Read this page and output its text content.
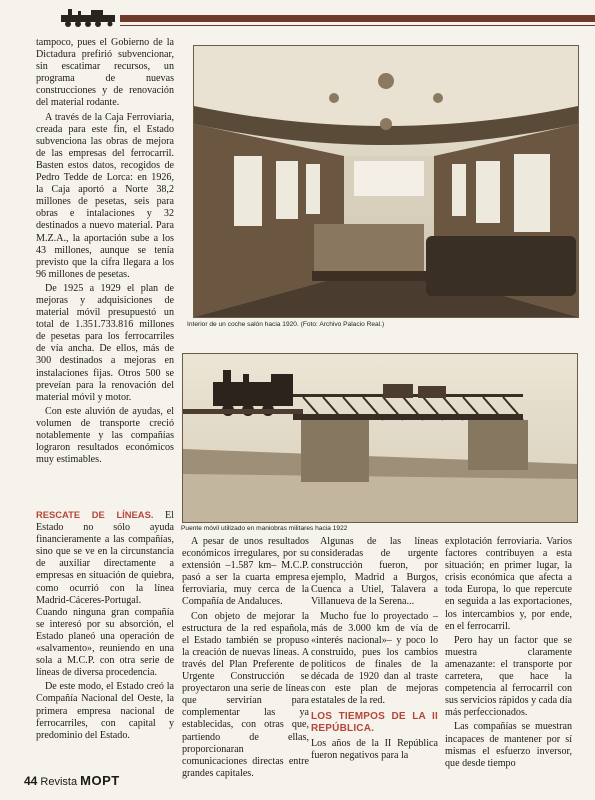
tampoco, pues el Gobierno de la Dictadura prefirió subvencionar, sin escatimar recursos, un programa de nuevas construcciones y de renovación del material rodante.

A través de la Caja Ferroviaria, creada para este fin, el Estado subvenciona las obras de mejora de las empresas del ferrocarril. Basten estos datos, recogidos de Pedro Tedde de Lorca: en 1926, la Caja aportó a Norte 38,2 millones de pesetas, seis para obras e intalaciones y 32 destinados a nuevo material. Para M.Z.A., la aportación sube a los 43 millones, aunque se tenía previsto que la cifra llegara a los 96 millones de pesetas.

De 1925 a 1929 el plan de mejoras y adquisiciones de material móvil presupuestó un total de 1.351.733.816 millones de pesetas para los ferrocarriles de vía ancha. De ellos, más de 300 destinados a mejoras en instalaciones fijas. Otros 500 se preveían para la renovación del material móvil y motor.

Con este aluvión de ayudas, el volumen de transporte creció notablemente y las compañías lograron resultados económicos muy estimables.

RESCATE DE LÍNEAS. El Estado no sólo ayuda financieramente a las compañías, sino que se ve en la circunstancia de auxiliar directamente a empresas en situación de quiebra, como ocurrió con la línea Madrid-Cáceres-Portugal. Cuando ninguna gran compañía se interesó por su absorción, el Estado planeó una operación de «salvamento», reuniendo en una sola a M.C.P. con otra serie de líneas de diversa procedencia.

De este modo, el Estado creó la Compañía Nacional del Oeste, la primera empresa nacional de ferrocarriles, con capital y predominio del Estado.

Interior de un coche salón hacia 1920. (Foto: Archivo Palacio Real.)
Puente móvil utilizado en maniobras militares hacia 1922

A pesar de unos resultados económicos irregulares, por su extensión –1.587 km– M.C.P. pasó a ser la cuarta empresa ferroviaria, muy cerca de la Compañía de Andaluces.

Con objeto de mejorar la estructura de la red española, el Estado también se propuso la creación de nuevas líneas. A través del Plan Preferente de Urgente Construcción se proyectaron una serie de líneas que servirían para complementar las ya establecidas, con otras que, partiendo de ellas, proporcionaran comunicaciones directas entre grandes capitales.

Algunas de las líneas consideradas de urgente construcción fueron, por ejemplo, Madrid a Burgos, Cuenca a Utiel, Talavera a Villanueva de la Serena...

Mucho fue lo proyectado –más de 3.000 km de vía de «interés nacional»– y poco lo construido, pues los cambios políticos de finales de la década de 1920 dan al traste con este plan de mejoras estatales de la red.

LOS TIEMPOS DE LA II REPÚBLICA.

Los años de la II República fueron negativos para la

explotación ferroviaria. Varios factores contribuyen a esta situación; en primer lugar, la crisis económica que afecta a toda Europa, lo que repercute en seguida a las exportaciones, los intercambios y, por ende, en el ferrocarril.

Pero hay un factor que se muestra claramente amenazante: el transporte por carretera, que hace la competencia al ferrocarril con sus servicios rápidos y cada día más perfeccionados.

Las compañías se muestran incapaces de mantener por sí mismas el esfuerzo inversor, que desde tiempo

44 Revista MOPT
